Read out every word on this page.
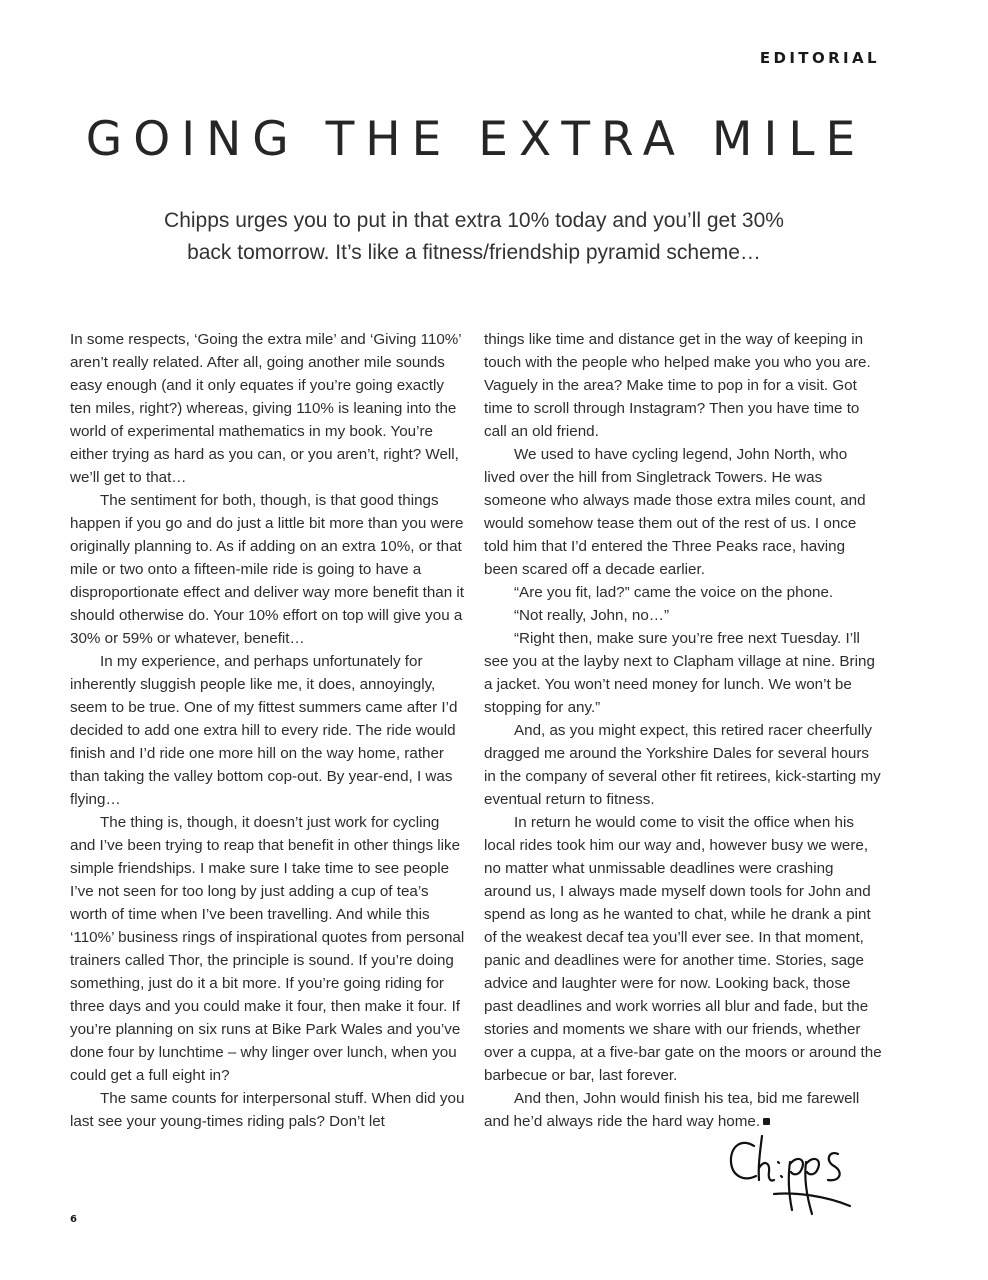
EDITORIAL
GOING THE EXTRA MILE

Chipps urges you to put in that extra 10% today and you’ll get 30% back tomorrow. It’s like a fitness/friendship pyramid scheme…

In some respects, ‘Going the extra mile’ and ‘Giving 110%’ aren’t really related. After all, going another mile sounds easy enough (and it only equates if you’re going exactly ten miles, right?) whereas, giving 110% is leaning into the world of experimental mathematics in my book. You’re either trying as hard as you can, or you aren’t, right? Well, we’ll get to that…

The sentiment for both, though, is that good things happen if you go and do just a little bit more than you were originally planning to. As if adding on an extra 10%, or that mile or two onto a fifteen-mile ride is going to have a disproportionate effect and deliver way more benefit than it should otherwise do. Your 10% effort on top will give you a 30% or 59% or whatever, benefit…

In my experience, and perhaps unfortunately for inherently sluggish people like me, it does, annoyingly, seem to be true. One of my fittest summers came after I’d decided to add one extra hill to every ride. The ride would finish and I’d ride one more hill on the way home, rather than taking the valley bottom cop-out. By year-end, I was flying…

The thing is, though, it doesn’t just work for cycling and I’ve been trying to reap that benefit in other things like simple friendships. I make sure I take time to see people I’ve not seen for too long by just adding a cup of tea’s worth of time when I’ve been travelling. And while this ‘110%’ business rings of inspirational quotes from personal trainers called Thor, the principle is sound. If you’re doing something, just do it a bit more. If you’re going riding for three days and you could make it four, then make it four. If you’re planning on six runs at Bike Park Wales and you’ve done four by lunchtime – why linger over lunch, when you could get a full eight in?

The same counts for interpersonal stuff. When did you last see your young-times riding pals? Don’t let

things like time and distance get in the way of keeping in touch with the people who helped make you who you are. Vaguely in the area? Make time to pop in for a visit. Got time to scroll through Instagram? Then you have time to call an old friend.

We used to have cycling legend, John North, who lived over the hill from Singletrack Towers. He was someone who always made those extra miles count, and would somehow tease them out of the rest of us. I once told him that I’d entered the Three Peaks race, having been scared off a decade earlier.

“Are you fit, lad?” came the voice on the phone.

“Not really, John, no…”

“Right then, make sure you’re free next Tuesday. I’ll see you at the layby next to Clapham village at nine. Bring a jacket. You won’t need money for lunch. We won’t be stopping for any.”

And, as you might expect, this retired racer cheerfully dragged me around the Yorkshire Dales for several hours in the company of several other fit retirees, kick-starting my eventual return to fitness.

In return he would come to visit the office when his local rides took him our way and, however busy we were, no matter what unmissable deadlines were crashing around us, I always made myself down tools for John and spend as long as he wanted to chat, while he drank a pint of the weakest decaf tea you’ll ever see. In that moment, panic and deadlines were for another time. Stories, sage advice and laughter were for now. Looking back, those past deadlines and work worries all blur and fade, but the stories and moments we share with our friends, whether over a cuppa, at a five-bar gate on the moors or around the barbecue or bar, last forever.

And then, John would finish his tea, bid me farewell and he’d always ride the hard way home.

6
